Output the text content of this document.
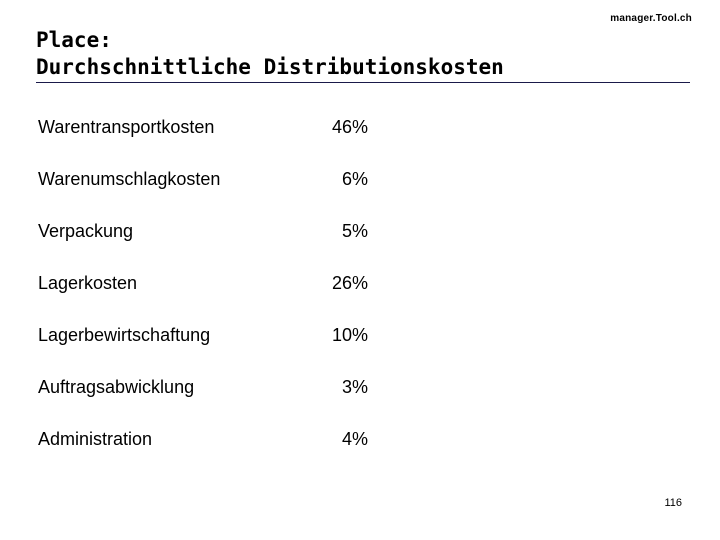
manager.Tool.ch
Place:
Durchschnittliche Distributionskosten
Warentransportkosten	46%
Warenumschlagkosten	6%
Verpackung	5%
Lagerkosten	26%
Lagerbewirtschaftung	10%
Auftragsabwicklung	3%
Administration	4%
116
